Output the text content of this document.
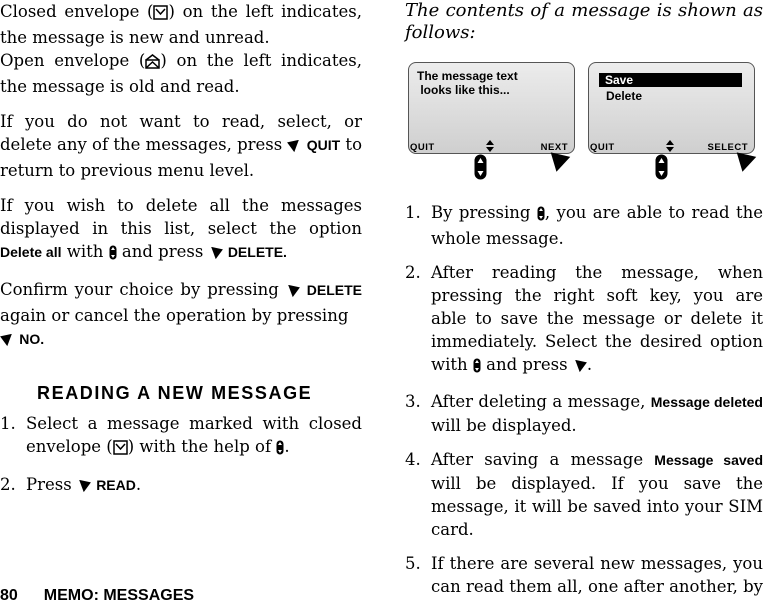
Closed envelope ( ) on the left indicates, the message is new and unread.

Open envelope ( ) on the left indicates, the message is old and read.

If you do not want to read, select, or delete any of the messages, press  QUIT to return to previous menu level.

If you wish to delete all the messages displayed in this list, select the option Delete all with  and press  DELETE.

Confirm your choice by pressing  DELETE again or cancel the operation by pressing
NO.

READING A NEW MESSAGE
1. Select a message marked with closed envelope ( ) with the help of .
2. Press  READ.
The contents of a message is shown as follows:
The message text
looks like this...
QUIT	NEXT
Save
Delete
QUIT	SELECT
1. By pressing , you are able to read the whole message.
2. After reading the message, when pressing the right soft key, you are able to save the message or delete it immediately. Select the desired option with  and press .
3. After deleting a message, Message deleted will be displayed.
4. After saving a message Message saved will be displayed. If you save the message, it will be saved into your SIM card.
5. If there are several new messages, you can read them all, one after another, by
80 MEMO: MESSAGES
